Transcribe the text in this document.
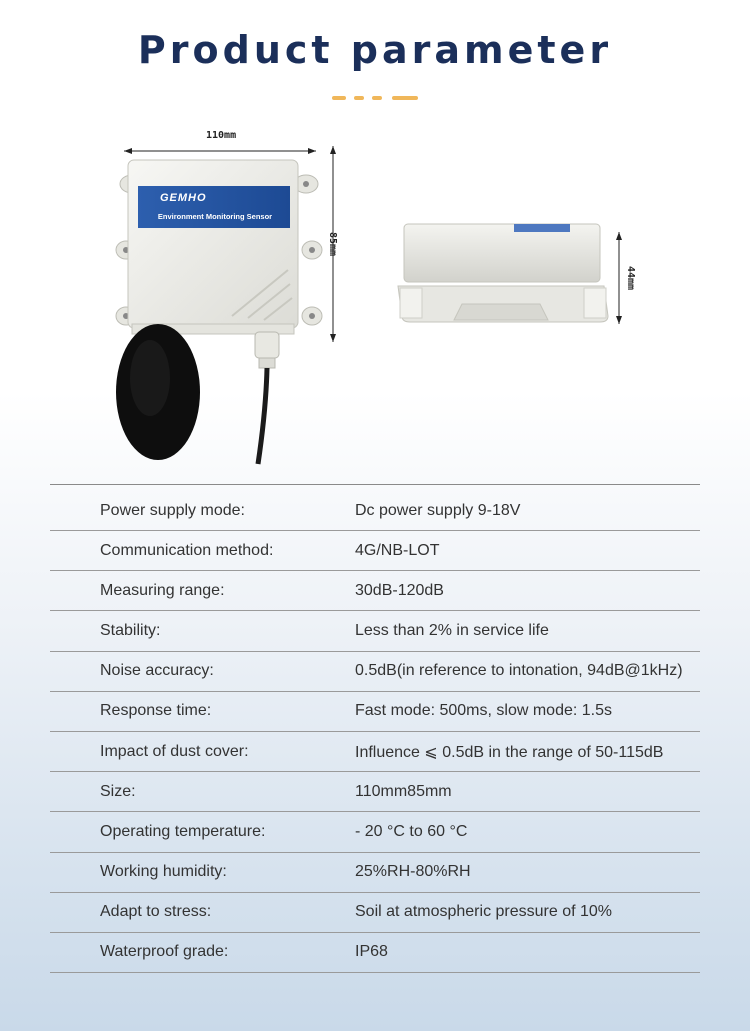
Product parameter
110mm
85mm
44mm
GEMHO
Environment Monitoring Sensor
Power supply mode:	Dc power supply 9-18V
Communication method:	4G/NB-LOT
Measuring range:	30dB-120dB
Stability:	Less than 2% in service life
Noise accuracy:	0.5dB(in reference to intonation, 94dB@1kHz)
Response time:	Fast mode: 500ms, slow mode: 1.5s
Impact of dust cover:	Influence ⩽ 0.5dB in the range of 50-115dB
Size:	110mm85mm
Operating temperature:	- 20 °C to 60 °C
Working humidity:	25%RH-80%RH
Adapt to stress:	Soil at atmospheric pressure of 10%
Waterproof grade:	IP68
